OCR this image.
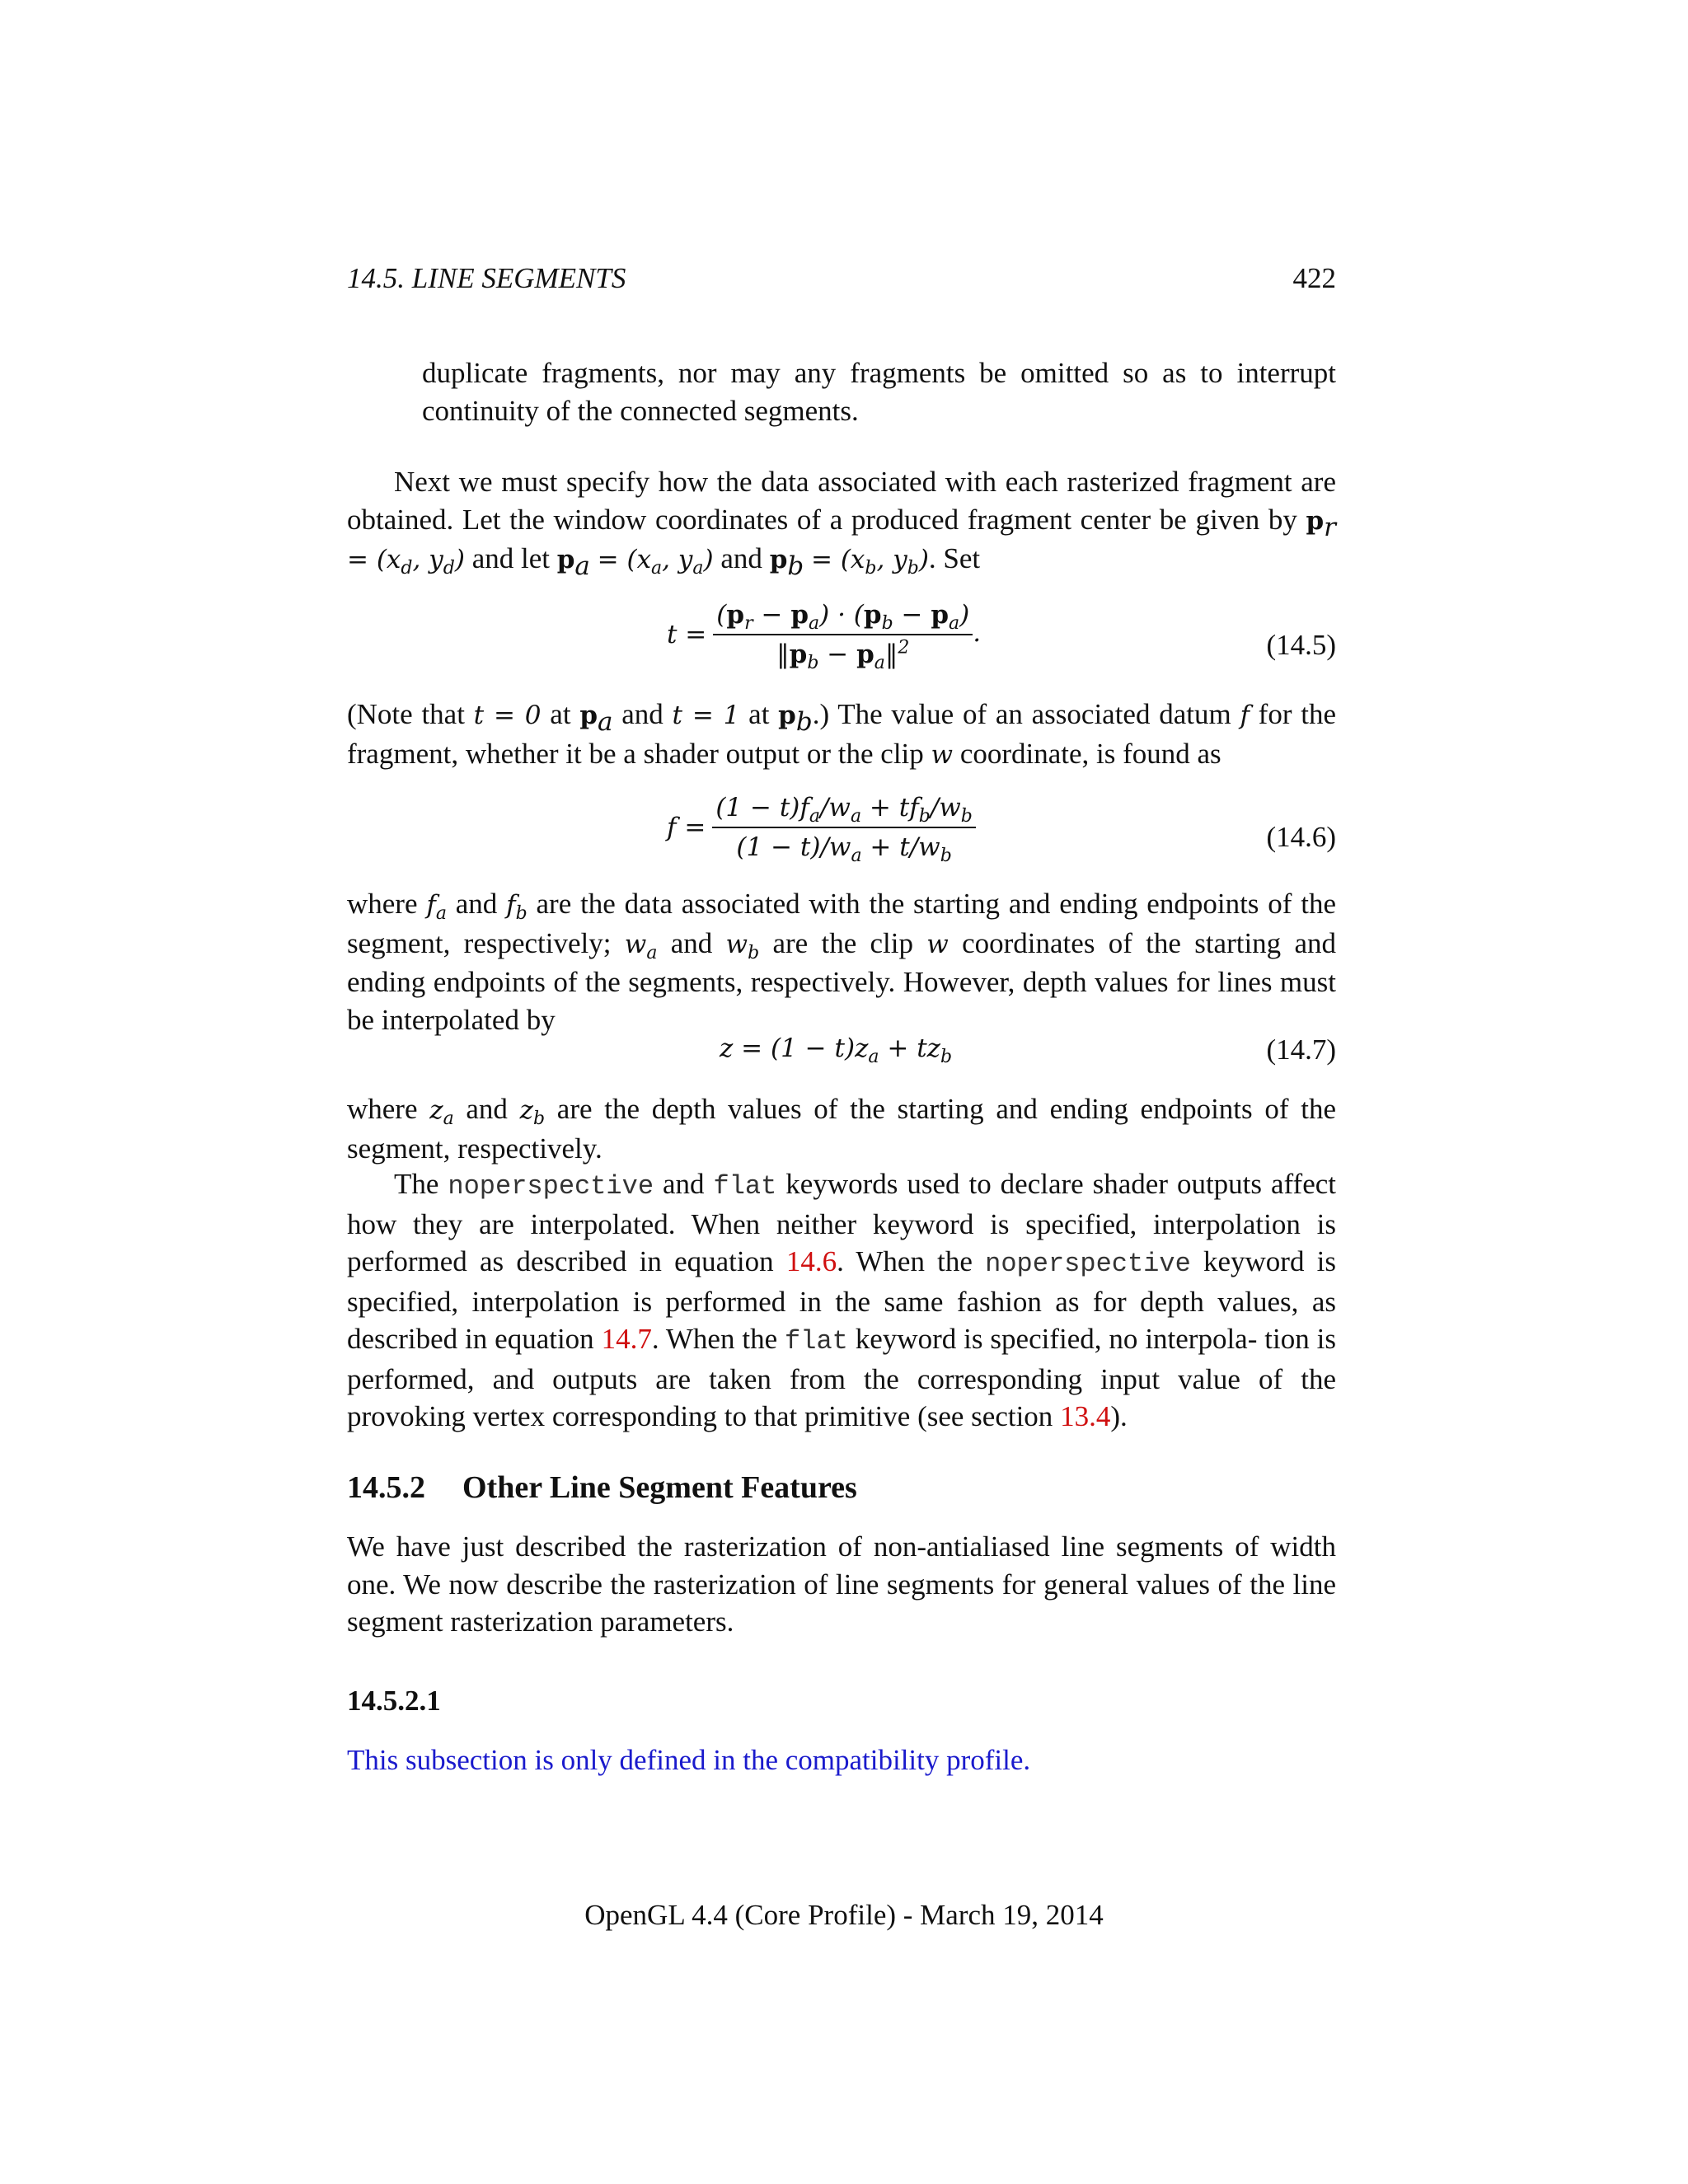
14.5. LINE SEGMENTS	422

duplicate fragments, nor may any fragments be omitted so as to interrupt continuity of the connected segments.

Next we must specify how the data associated with each rasterized fragment are obtained. Let the window coordinates of a produced fragment center be given by $p_r = (x_d$, $y_d$) and let $p_a = (x_a$, $y_a$) and $p_b = (x_b$, $y_b$). Set

$t = \frac{(p_r - p_a) \cdot (p_b - p_a)}{‖p_b - p_a‖^2}$ .	(14.5)

(Note that t = 0 at $p_a$ and t = 1 at $p_b$.) The value of an associated datum f for the fragment, whether it be a shader output or the clip w coordinate, is found as

$f = \frac{(1 - t)f_a/w_a + tf_b/w_b}{(1 - t)/w_a + t/w_b}$	(14.6)

where $f_a$ and $f_b$ are the data associated with the starting and ending endpoints of the segment, respectively; $w_a$ and $w_b$ are the clip w coordinates of the starting and ending endpoints of the segments, respectively. However, depth values for lines must be interpolated by

$z = (1 - t)z_a + tz_b$	(14.7)

where $z_a$ and $z_b$ are the depth values of the starting and ending endpoints of the segment, respectively.

The noperspective and flat keywords used to declare shader outputs affect how they are interpolated. When neither keyword is specified, interpolation is performed as described in equation 14.6. When the noperspective keyword is specified, interpolation is performed in the same fashion as for depth values, as described in equation 14.7. When the flat keyword is specified, no interpola- tion is performed, and outputs are taken from the corresponding input value of the provoking vertex corresponding to that primitive (see section 13.4).

14.5.2 Other Line Segment Features

We have just described the rasterization of non-antialiased line segments of width one. We now describe the rasterization of line segments for general values of the line segment rasterization parameters.

14.5.2.1

This subsection is only defined in the compatibility profile.

OpenGL 4.4 (Core Profile) - March 19, 2014
